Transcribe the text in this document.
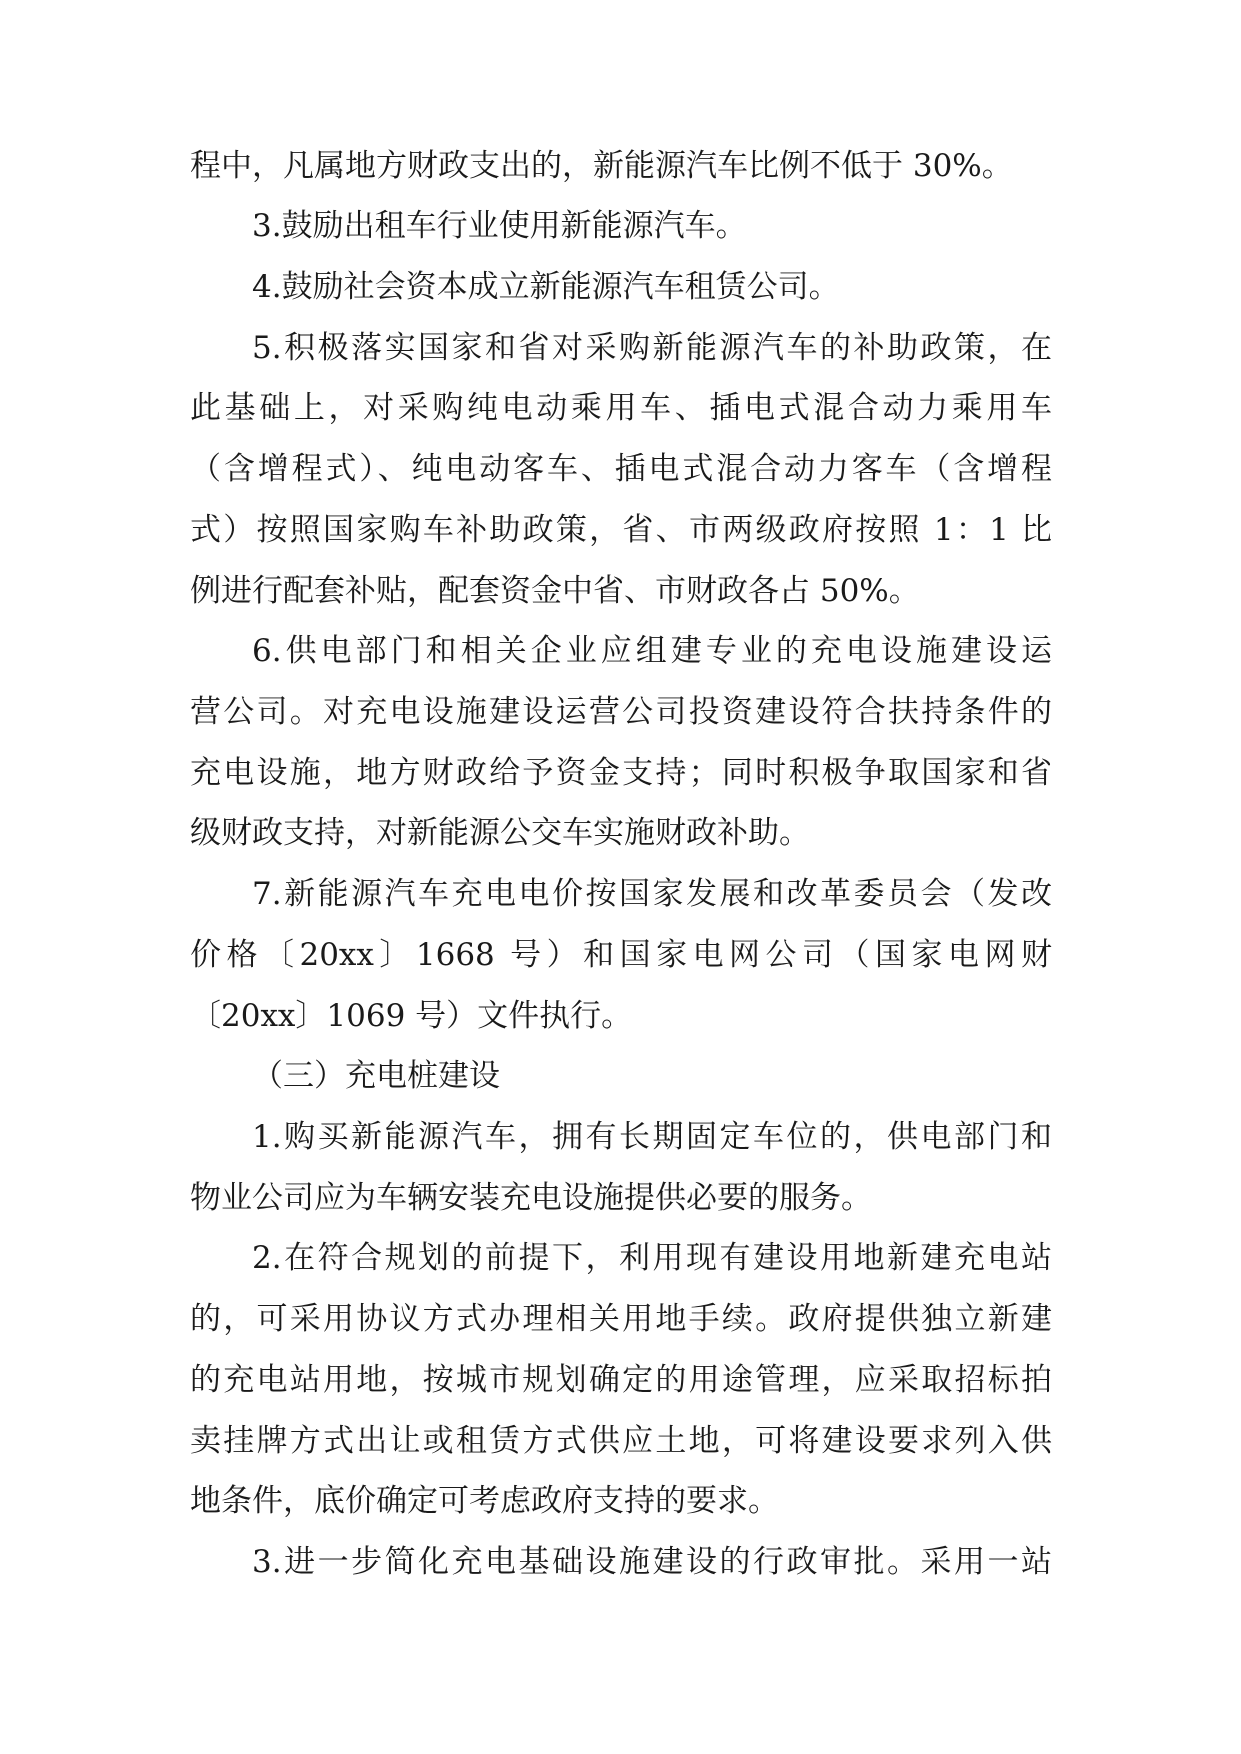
程中，凡属地方财政支出的，新能源汽车比例不低于 30%。

3.鼓励出租车行业使用新能源汽车。

4.鼓励社会资本成立新能源汽车租赁公司。

5.积极落实国家和省对采购新能源汽车的补助政策，在

此基础上，对采购纯电动乘用车、插电式混合动力乘用车

（含增程式）、纯电动客车、插电式混合动力客车（含增程

式）按照国家购车补助政策，省、市两级政府按照 1：1 比

例进行配套补贴，配套资金中省、市财政各占 50%。

6.供电部门和相关企业应组建专业的充电设施建设运

营公司。对充电设施建设运营公司投资建设符合扶持条件的

充电设施，地方财政给予资金支持；同时积极争取国家和省

级财政支持，对新能源公交车实施财政补助。

7.新能源汽车充电电价按国家发展和改革委员会（发改

价格〔20xx〕1668 号）和国家电网公司（国家电网财

〔20xx〕1069 号）文件执行。

（三）充电桩建设

1.购买新能源汽车，拥有长期固定车位的，供电部门和

物业公司应为车辆安装充电设施提供必要的服务。

2.在符合规划的前提下，利用现有建设用地新建充电站

的，可采用协议方式办理相关用地手续。政府提供独立新建

的充电站用地，按城市规划确定的用途管理，应采取招标拍

卖挂牌方式出让或租赁方式供应土地，可将建设要求列入供

地条件，底价确定可考虑政府支持的要求。

3.进一步简化充电基础设施建设的行政审批。采用一站
